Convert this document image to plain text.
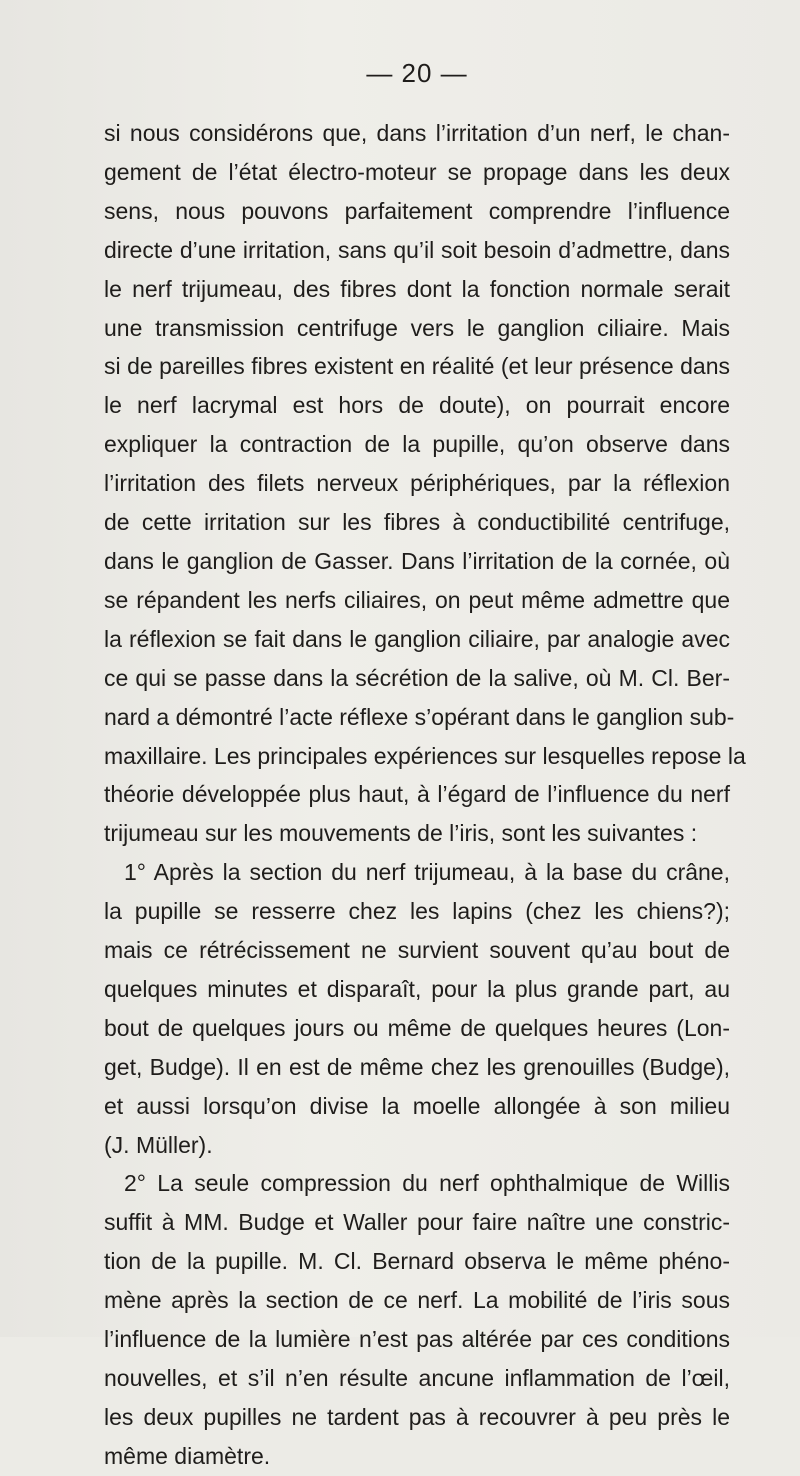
— 20 —

si nous considérons que, dans l’irritation d’un nerf, le chan-
gement de l’état électro-moteur se propage dans les deux
sens, nous pouvons parfaitement comprendre l’influence
directe d’une irritation, sans qu’il soit besoin d’admettre, dans
le nerf trijumeau, des fibres dont la fonction normale serait
une transmission centrifuge vers le ganglion ciliaire. Mais
si de pareilles fibres existent en réalité (et leur présence dans
le nerf lacrymal est hors de doute), on pourrait encore
expliquer la contraction de la pupille, qu’on observe dans
l’irritation des filets nerveux périphériques, par la réflexion
de cette irritation sur les fibres à conductibilité centrifuge,
dans le ganglion de Gasser. Dans l’irritation de la cornée, où
se répandent les nerfs ciliaires, on peut même admettre que
la réflexion se fait dans le ganglion ciliaire, par analogie avec
ce qui se passe dans la sécrétion de la salive, où M. Cl. Ber-
nard a démontré l’acte réflexe s’opérant dans le ganglion sub-
maxillaire. Les principales expériences sur lesquelles repose la
théorie développée plus haut, à l’égard de l’influence du nerf
trijumeau sur les mouvements de l’iris, sont les suivantes :

1° Après la section du nerf trijumeau, à la base du crâne,
la pupille se resserre chez les lapins (chez les chiens?);
mais ce rétrécissement ne survient souvent qu’au bout de
quelques minutes et disparaît, pour la plus grande part, au
bout de quelques jours ou même de quelques heures (Lon-
get, Budge). Il en est de même chez les grenouilles (Budge),
et aussi lorsqu’on divise la moelle allongée à son milieu
(J. Müller).

2° La seule compression du nerf ophthalmique de Willis
suffit à MM. Budge et Waller pour faire naître une constric-
tion de la pupille. M. Cl. Bernard observa le même phéno-
mène après la section de ce nerf. La mobilité de l’iris sous
l’influence de la lumière n’est pas altérée par ces conditions
nouvelles, et s’il n’en résulte ancune inflammation de l’œil,
les deux pupilles ne tardent pas à recouvrer à peu près le
même diamètre.
